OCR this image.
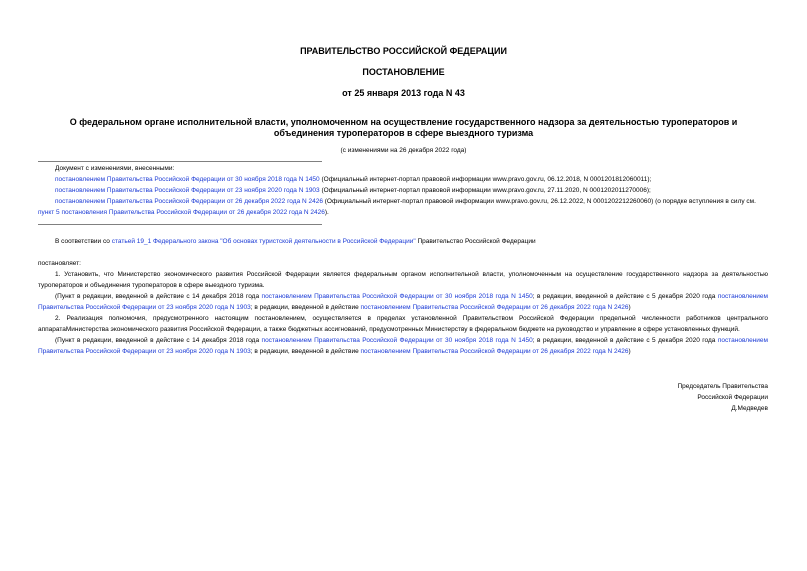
ПРАВИТЕЛЬСТВО РОССИЙСКОЙ ФЕДЕРАЦИИ
ПОСТАНОВЛЕНИЕ
от 25 января 2013 года N 43
О федеральном органе исполнительной власти, уполномоченном на осуществление государственного надзора за деятельностью туроператоров и объединения туроператоров в сфере выездного туризма
(с изменениями на 26 декабря 2022 года)

Документ с изменениями, внесенными:

постановлением Правительства Российской Федерации от 30 ноября 2018 года N 1450 (Официальный интернет-портал правовой информации www.pravo.gov.ru, 06.12.2018, N 0001201812060011);

постановлением Правительства Российской Федерации от 23 ноября 2020 года N 1903 (Официальный интернет-портал правовой информации www.pravo.gov.ru, 27.11.2020, N 0001202011270006);

постановлением Правительства Российской Федерации от 26 декабря 2022 года N 2426 (Официальный интернет-портал правовой информации www.pravo.gov.ru, 26.12.2022, N 0001202212260060) (о порядке вступления в силу см. пункт 5 постановления Правительства Российской Федерации от 26 декабря 2022 года N 2426).

В соответствии со статьей 19_1 Федерального закона "Об основах туристской деятельности в Российской Федерации" Правительство Российской Федерации

постановляет:

1. Установить, что Министерство экономического развития Российской Федерации является федеральным органом исполнительной власти, уполномоченным на осуществление государственного надзора за деятельностью туроператоров и объединения туроператоров в сфере выездного туризма.

(Пункт в редакции, введенной в действие с 14 декабря 2018 года постановлением Правительства Российской Федерации от 30 ноября 2018 года N 1450; в редакции, введенной в действие с 5 декабря 2020 года постановлением Правительства Российской Федерации от 23 ноября 2020 года N 1903; в редакции, введенной в действие постановлением Правительства Российской Федерации от 26 декабря 2022 года N 2426)

2. Реализация полномочия, предусмотренного настоящим постановлением, осуществляется в пределах установленной Правительством Российской Федерации предельной численности работников центрального аппаратаМинистерства экономического развития Российской Федерации, а также бюджетных ассигнований, предусмотренных Министерству в федеральном бюджете на руководство и управление в сфере установленных функций.

(Пункт в редакции, введенной в действие с 14 декабря 2018 года постановлением Правительства Российской Федерации от 30 ноября 2018 года N 1450; в редакции, введенной в действие с 5 декабря 2020 года постановлением Правительства Российской Федерации от 23 ноября 2020 года N 1903; в редакции, введенной в действие постановлением Правительства Российской Федерации от 26 декабря 2022 года N 2426)

Председатель Правительства
Российской Федерации
Д.Медведев
